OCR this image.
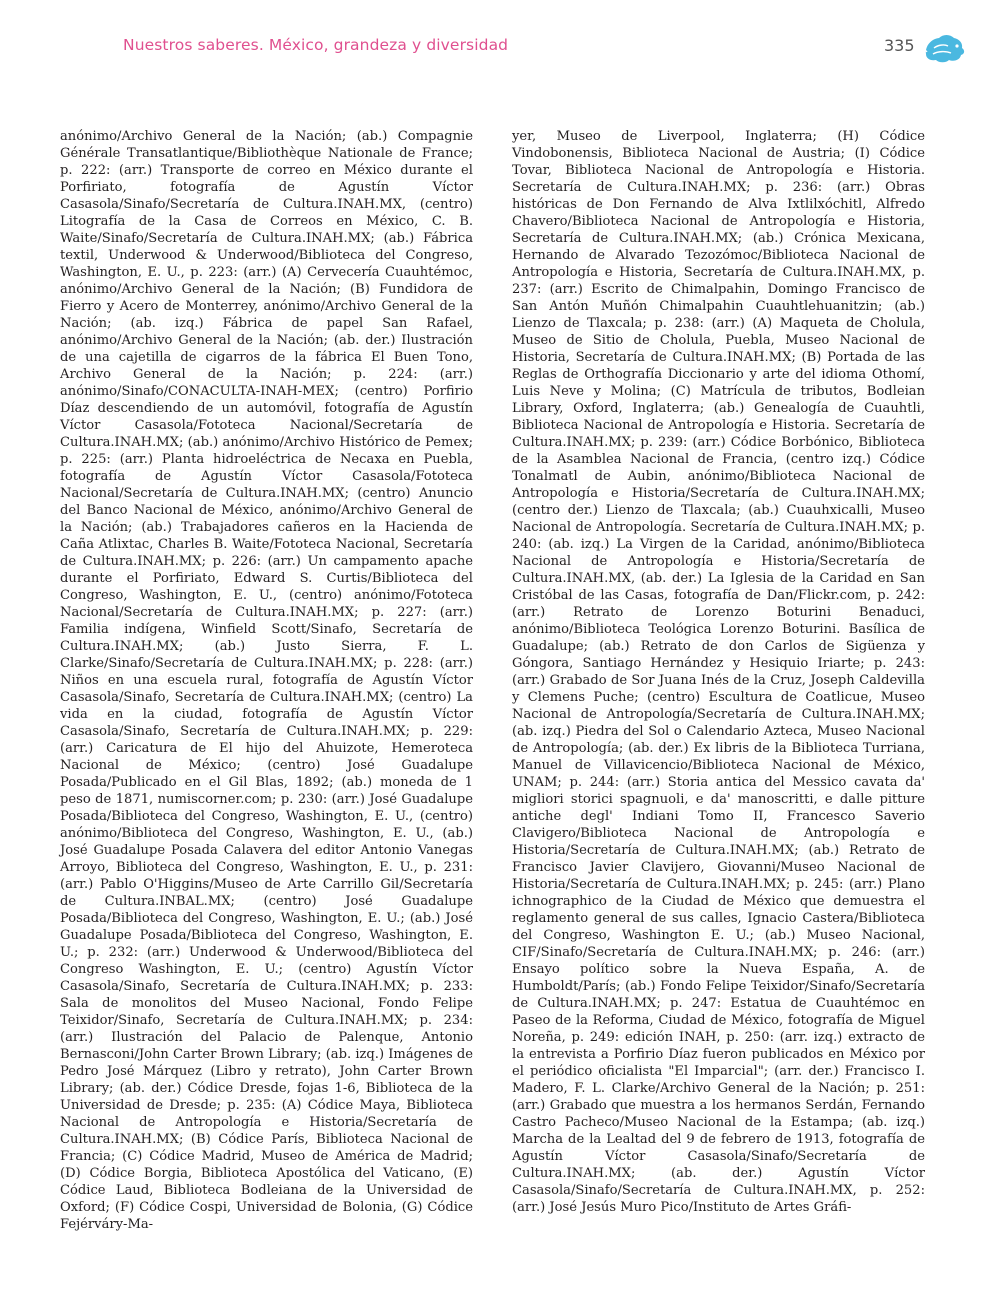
Nuestros saberes. México, grandeza y diversidad	335

anónimo/Archivo General de la Nación; (ab.) Compagnie Générale Transatlantique/Bibliothèque Nationale de France; p. 222: (arr.) Transporte de correo en México durante el Porfiriato, fotografía de Agustín Víctor Casasola/Sinafo/Secretaría de Cultura.INAH.MX, (centro) Litografía de la Casa de Correos en México, C. B. Waite/Sinafo/Secretaría de Cultura.INAH.MX; (ab.) Fábrica textil, Underwood & Underwood/Biblioteca del Congreso, Washington, E. U., p. 223: (arr.) (A) Cervecería Cuauhtémoc, anónimo/Archivo General de la Nación; (B) Fundidora de Fierro y Acero de Monterrey, anónimo/Archivo General de la Nación; (ab. izq.) Fábrica de papel San Rafael, anónimo/Archivo General de la Nación; (ab. der.) Ilustración de una cajetilla de cigarros de la fábrica El Buen Tono, Archivo General de la Nación; p. 224: (arr.) anónimo/Sinafo/CONACULTA-INAH-MEX; (centro) Porfirio Díaz descendiendo de un automóvil, fotografía de Agustín Víctor Casasola/Fototeca Nacional/Secretaría de Cultura.INAH.MX; (ab.) anónimo/Archivo Histórico de Pemex; p. 225: (arr.) Planta hidroeléctrica de Necaxa en Puebla, fotografía de Agustín Víctor Casasola/Fototeca Nacional/Secretaría de Cultura.INAH.MX; (centro) Anuncio del Banco Nacional de México, anónimo/Archivo General de la Nación; (ab.) Trabajadores cañeros en la Hacienda de Caña Atlixtac, Charles B. Waite/Fototeca Nacional, Secretaría de Cultura.INAH.MX; p. 226: (arr.) Un campamento apache durante el Porfiriato, Edward S. Curtis/Biblioteca del Congreso, Washington, E. U., (centro) anónimo/Fototeca Nacional/Secretaría de Cultura.INAH.MX; p. 227: (arr.) Familia indígena, Winfield Scott/Sinafo, Secretaría de Cultura.INAH.MX; (ab.) Justo Sierra, F. L. Clarke/Sinafo/Secretaría de Cultura.INAH.MX; p. 228: (arr.) Niños en una escuela rural, fotografía de Agustín Víctor Casasola/Sinafo, Secretaría de Cultura.INAH.MX; (centro) La vida en la ciudad, fotografía de Agustín Víctor Casasola/Sinafo, Secretaría de Cultura.INAH.MX; p. 229: (arr.) Caricatura de El hijo del Ahuizote, Hemeroteca Nacional de México; (centro) José Guadalupe Posada/Publicado en el Gil Blas, 1892; (ab.) moneda de 1 peso de 1871, numiscorner.com; p. 230: (arr.) José Guadalupe Posada/Biblioteca del Congreso, Washington, E. U., (centro) anónimo/Biblioteca del Congreso, Washington, E. U., (ab.) José Guadalupe Posada Calavera del editor Antonio Vanegas Arroyo, Biblioteca del Congreso, Washington, E. U., p. 231: (arr.) Pablo O'Higgins/Museo de Arte Carrillo Gil/Secretaría de Cultura.INBAL.MX; (centro) José Guadalupe Posada/Biblioteca del Congreso, Washington, E. U.; (ab.) José Guadalupe Posada/Biblioteca del Congreso, Washington, E. U.; p. 232: (arr.) Underwood & Underwood/Biblioteca del Congreso Washington, E. U.; (centro) Agustín Víctor Casasola/Sinafo, Secretaría de Cultura.INAH.MX; p. 233: Sala de monolitos del Museo Nacional, Fondo Felipe Teixidor/Sinafo, Secretaría de Cultura.INAH.MX; p. 234: (arr.) Ilustración del Palacio de Palenque, Antonio Bernasconi/John Carter Brown Library; (ab. izq.) Imágenes de Pedro José Márquez (Libro y retrato), John Carter Brown Library; (ab. der.) Códice Dresde, fojas 1-6, Biblioteca de la Universidad de Dresde; p. 235: (A) Códice Maya, Biblioteca Nacional de Antropología e Historia/Secretaría de Cultura.INAH.MX; (B) Códice París, Biblioteca Nacional de Francia; (C) Códice Madrid, Museo de América de Madrid; (D) Códice Borgia, Biblioteca Apostólica del Vaticano, (E) Códice Laud, Biblioteca Bodleiana de la Universidad de Oxford; (F) Códice Cospi, Universidad de Bolonia, (G) Códice Fejérváry-Ma-

yer, Museo de Liverpool, Inglaterra; (H) Códice Vindobonensis, Biblioteca Nacional de Austria; (I) Códice Tovar, Biblioteca Nacional de Antropología e Historia. Secretaría de Cultura.INAH.MX; p. 236: (arr.) Obras históricas de Don Fernando de Alva Ixtlilxóchitl, Alfredo Chavero/Biblioteca Nacional de Antropología e Historia, Secretaría de Cultura.INAH.MX; (ab.) Crónica Mexicana, Hernando de Alvarado Tezozómoc/Biblioteca Nacional de Antropología e Historia, Secretaría de Cultura.INAH.MX, p. 237: (arr.) Escrito de Chimalpahin, Domingo Francisco de San Antón Muñón Chimalpahin Cuauhtlehuanitzin; (ab.) Lienzo de Tlaxcala; p. 238: (arr.) (A) Maqueta de Cholula, Museo de Sitio de Cholula, Puebla, Museo Nacional de Historia, Secretaría de Cultura.INAH.MX; (B) Portada de las Reglas de Orthografía Diccionario y arte del idioma Othomí, Luis Neve y Molina; (C) Matrícula de tributos, Bodleian Library, Oxford, Inglaterra; (ab.) Genealogía de Cuauhtli, Biblioteca Nacional de Antropología e Historia. Secretaría de Cultura.INAH.MX; p. 239: (arr.) Códice Borbónico, Biblioteca de la Asamblea Nacional de Francia, (centro izq.) Códice Tonalmatl de Aubin, anónimo/Biblioteca Nacional de Antropología e Historia/Secretaría de Cultura.INAH.MX; (centro der.) Lienzo de Tlaxcala; (ab.) Cuauhxicalli, Museo Nacional de Antropología. Secretaría de Cultura.INAH.MX; p. 240: (ab. izq.) La Virgen de la Caridad, anónimo/Biblioteca Nacional de Antropología e Historia/Secretaría de Cultura.INAH.MX, (ab. der.) La Iglesia de la Caridad en San Cristóbal de las Casas, fotografía de Dan/Flickr.com, p. 242: (arr.) Retrato de Lorenzo Boturini Benaduci, anónimo/Biblioteca Teológica Lorenzo Boturini. Basílica de Guadalupe; (ab.) Retrato de don Carlos de Sigüenza y Góngora, Santiago Hernández y Hesiquio Iriarte; p. 243: (arr.) Grabado de Sor Juana Inés de la Cruz, Joseph Caldevilla y Clemens Puche; (centro) Escultura de Coatlicue, Museo Nacional de Antropología/Secretaría de Cultura.INAH.MX; (ab. izq.) Piedra del Sol o Calendario Azteca, Museo Nacional de Antropología; (ab. der.) Ex libris de la Biblioteca Turriana, Manuel de Villavicencio/Biblioteca Nacional de México, UNAM; p. 244: (arr.) Storia antica del Messico cavata da' migliori storici spagnuoli, e da' manoscritti, e dalle pitture antiche degl' Indiani Tomo II, Francesco Saverio Clavigero/Biblioteca Nacional de Antropología e Historia/Secretaría de Cultura.INAH.MX; (ab.) Retrato de Francisco Javier Clavijero, Giovanni/Museo Nacional de Historia/Secretaría de Cultura.INAH.MX; p. 245: (arr.) Plano ichnographico de la Ciudad de México que demuestra el reglamento general de sus calles, Ignacio Castera/Biblioteca del Congreso, Washington E. U.; (ab.) Museo Nacional, CIF/Sinafo/Secretaría de Cultura.INAH.MX; p. 246: (arr.) Ensayo político sobre la Nueva España, A. de Humboldt/París; (ab.) Fondo Felipe Teixidor/Sinafo/Secretaría de Cultura.INAH.MX; p. 247: Estatua de Cuauhtémoc en Paseo de la Reforma, Ciudad de México, fotografía de Miguel Noreña, p. 249: edición INAH, p. 250: (arr. izq.) extracto de la entrevista a Porfirio Díaz fueron publicados en México por el periódico oficialista "El Imparcial"; (arr. der.) Francisco I. Madero, F. L. Clarke/Archivo General de la Nación; p. 251: (arr.) Grabado que muestra a los hermanos Serdán, Fernando Castro Pacheco/Museo Nacional de la Estampa; (ab. izq.) Marcha de la Lealtad del 9 de febrero de 1913, fotografía de Agustín Víctor Casasola/Sinafo/Secretaría de Cultura.INAH.MX; (ab. der.) Agustín Víctor Casasola/Sinafo/Secretaría de Cultura.INAH.MX, p. 252: (arr.) José Jesús Muro Pico/Instituto de Artes Gráfi-
